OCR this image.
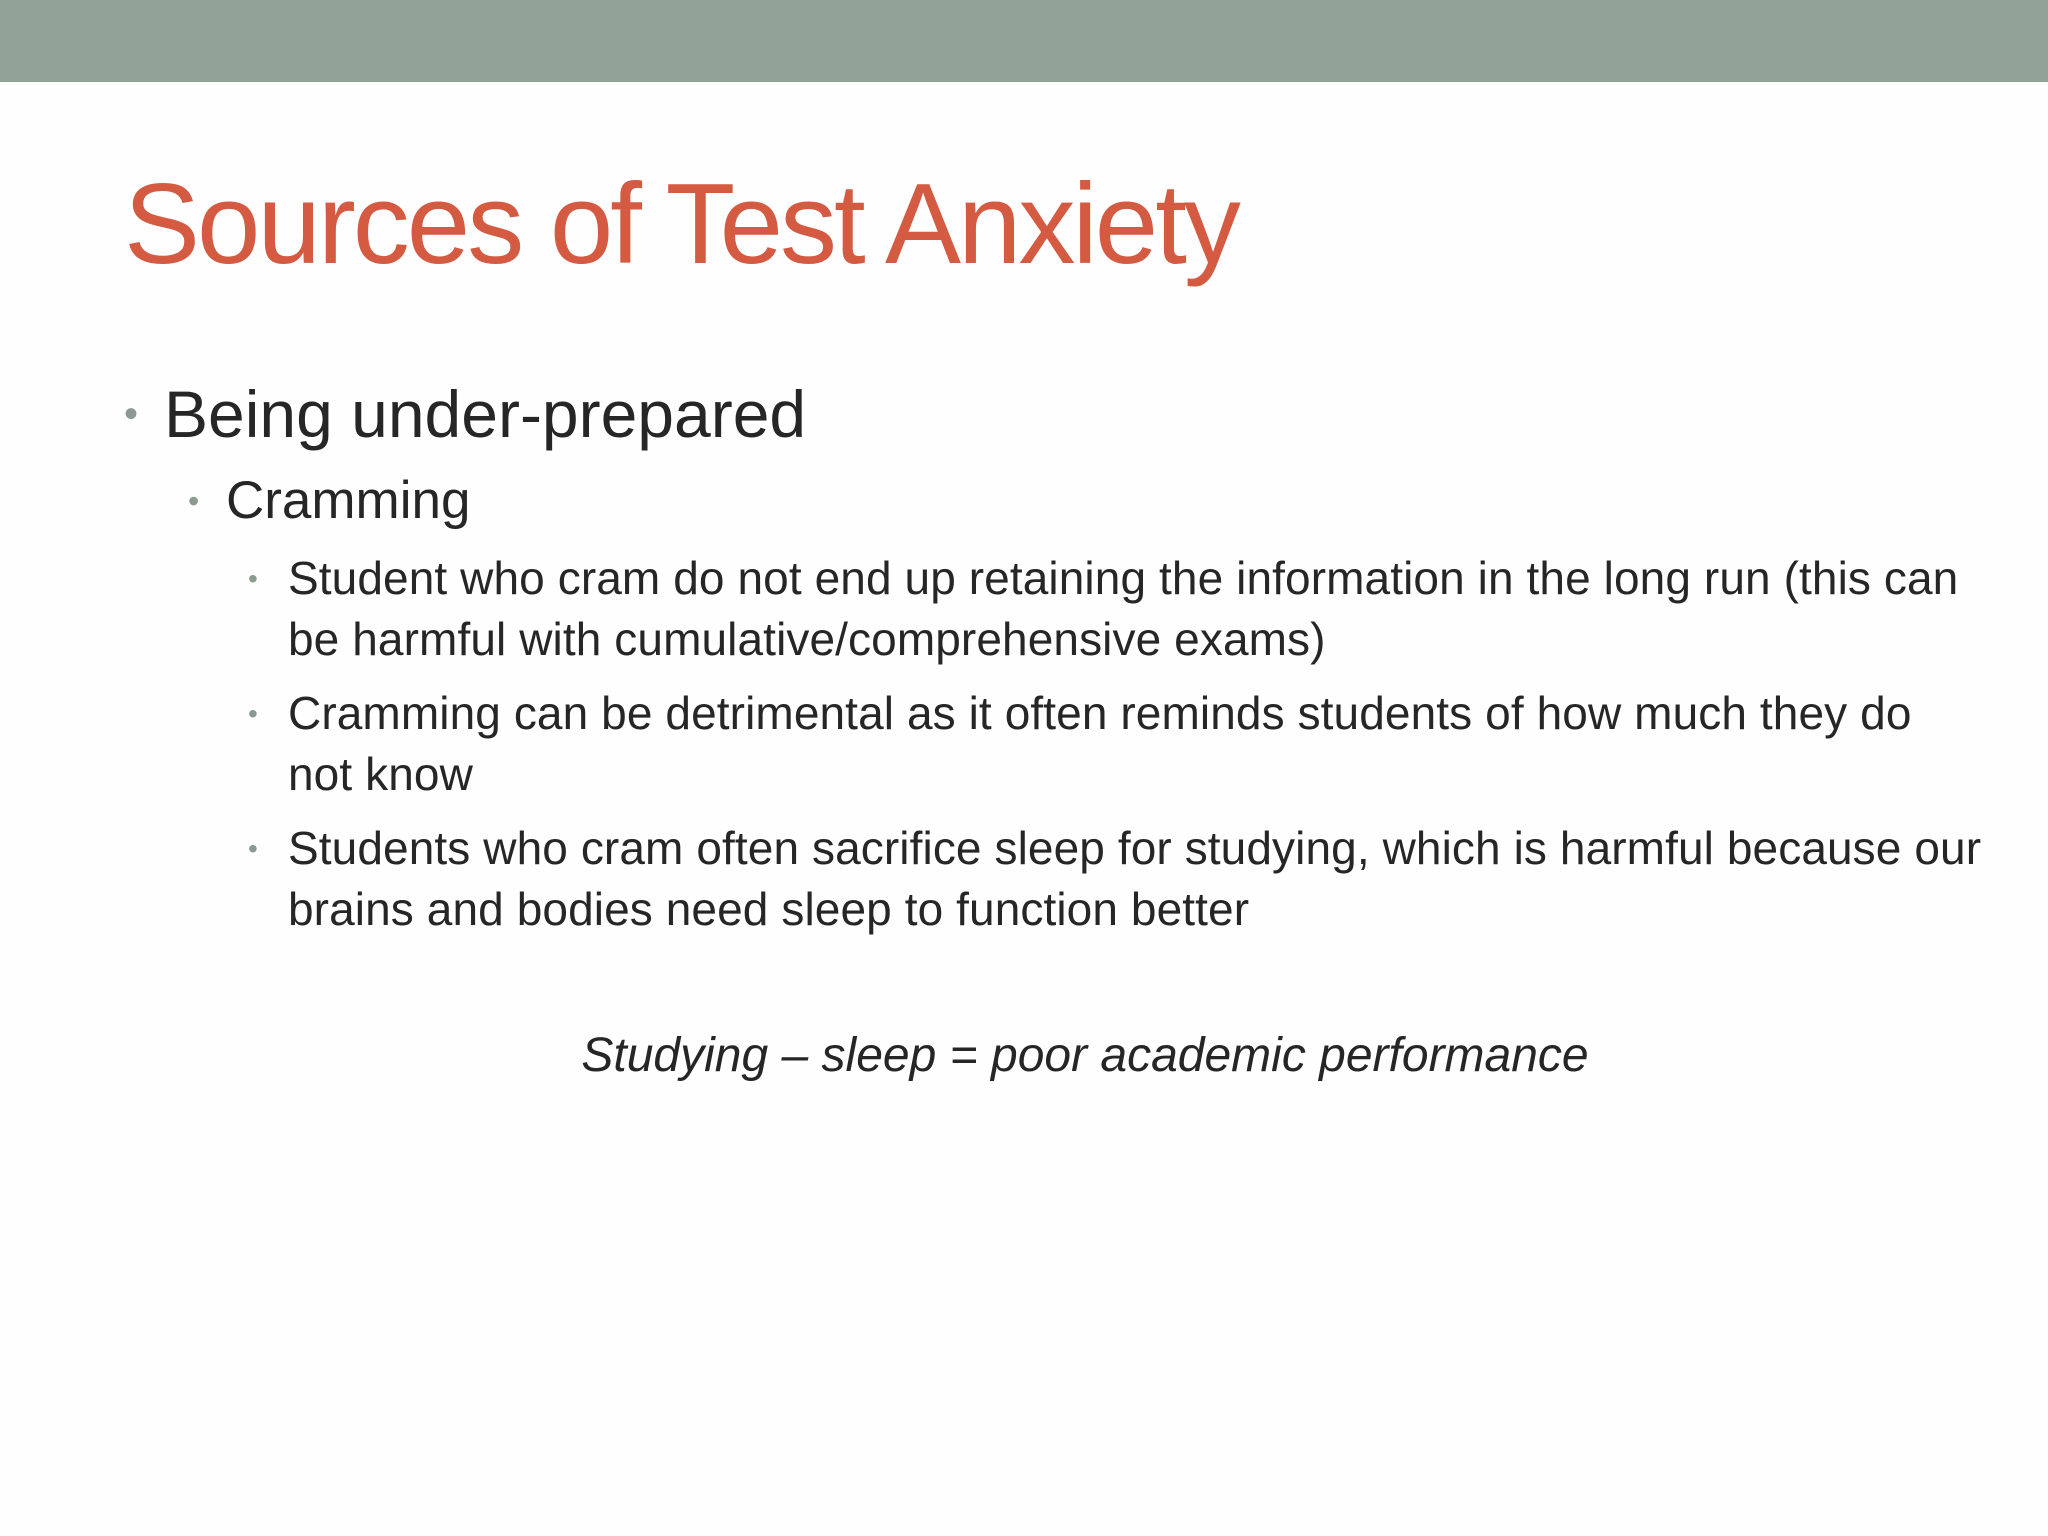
Sources of Test Anxiety
• Being under-prepared
• Cramming
• Student who cram do not end up retaining the information in the long run (this can be harmful with cumulative/comprehensive exams)
• Cramming can be detrimental as it often reminds students of how much they do not know
• Students who cram often sacrifice sleep for studying, which is harmful because our brains and bodies need sleep to function better
Studying – sleep = poor academic performance
